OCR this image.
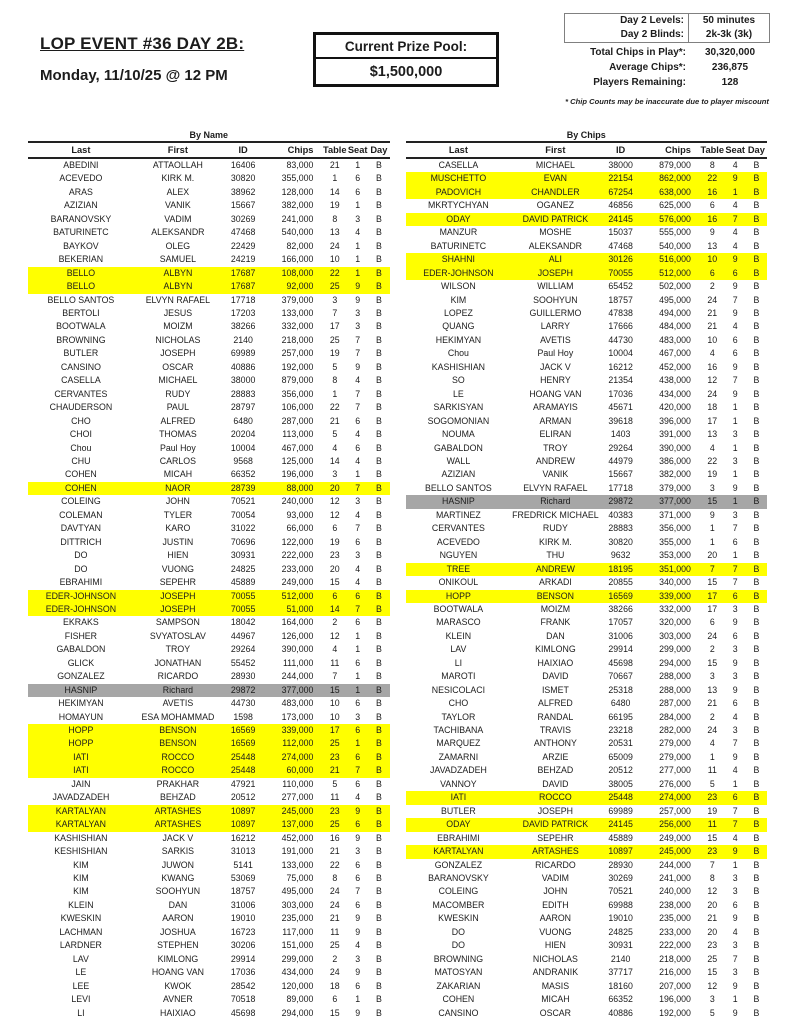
LOP EVENT #36 DAY 2B:
Monday, 11/10/25 @ 12 PM
Current Prize Pool:
$1,500,000
Day 2 Levels:	50 minutes
Day 2 Blinds:	2k-3k (3k)
Total Chips in Play*:	30,320,000
Average Chips*:	236,875
Players Remaining:	128
* Chip Counts may be inaccurate due to player miscount
By Name
Last	First	ID	Chips	Table	Seat	Day
ABEDINI	ATTAOLLAH	16406	83,000	21	1	B
ACEVEDO	KIRK M.	30820	355,000	1	6	B
ARAS	ALEX	38962	128,000	14	6	B
AZIZIAN	VANIK	15667	382,000	19	1	B
BARANOVSKY	VADIM	30269	241,000	8	3	B
BATURINETC	ALEKSANDR	47468	540,000	13	4	B
BAYKOV	OLEG	22429	82,000	24	1	B
BEKERIAN	SAMUEL	24219	166,000	10	1	B
BELLO	ALBYN	17687	108,000	22	1	B
BELLO	ALBYN	17687	92,000	25	9	B
BELLO SANTOS	ELVYN RAFAEL	17718	379,000	3	9	B
BERTOLI	JESUS	17203	133,000	7	3	B
BOOTWALA	MOIZM	38266	332,000	17	3	B
BROWNING	NICHOLAS	2140	218,000	25	7	B
BUTLER	JOSEPH	69989	257,000	19	7	B
CANSINO	OSCAR	40886	192,000	5	9	B
CASELLA	MICHAEL	38000	879,000	8	4	B
CERVANTES	RUDY	28883	356,000	1	7	B
CHAUDERSON	PAUL	28797	106,000	22	7	B
CHO	ALFRED	6480	287,000	21	6	B
CHOI	THOMAS	20204	113,000	5	4	B
Chou	Paul Hoy	10004	467,000	4	6	B
CHU	CARLOS	9568	125,000	14	4	B
COHEN	MICAH	66352	196,000	3	1	B
COHEN	NAOR	28739	88,000	20	7	B
COLEING	JOHN	70521	240,000	12	3	B
COLEMAN	TYLER	70054	93,000	12	4	B
DAVTYAN	KARO	31022	66,000	6	7	B
DITTRICH	JUSTIN	70696	122,000	19	6	B
DO	HIEN	30931	222,000	23	3	B
DO	VUONG	24825	233,000	20	4	B
EBRAHIMI	SEPEHR	45889	249,000	15	4	B
EDER-JOHNSON	JOSEPH	70055	512,000	6	6	B
EDER-JOHNSON	JOSEPH	70055	51,000	14	7	B
EKRAKS	SAMPSON	18042	164,000	2	6	B
FISHER	SVYATOSLAV	44967	126,000	12	1	B
GABALDON	TROY	29264	390,000	4	1	B
GLICK	JONATHAN	55452	111,000	11	6	B
GONZALEZ	RICARDO	28930	244,000	7	1	B
HASNIP	Richard	29872	377,000	15	1	B
HEKIMYAN	AVETIS	44730	483,000	10	6	B
HOMAYUN	ESA MOHAMMAD	1598	173,000	10	3	B
HOPP	BENSON	16569	339,000	17	6	B
HOPP	BENSON	16569	112,000	25	1	B
IATI	ROCCO	25448	274,000	23	6	B
IATI	ROCCO	25448	60,000	21	7	B
JAIN	PRAKHAR	47921	110,000	5	6	B
JAVADZADEH	BEHZAD	20512	277,000	11	4	B
KARTALYAN	ARTASHES	10897	245,000	23	9	B
KARTALYAN	ARTASHES	10897	137,000	25	6	B
KASHISHIAN	JACK V	16212	452,000	16	9	B
KESHISHIAN	SARKIS	31013	191,000	21	3	B
KIM	JUWON	5141	133,000	22	6	B
KIM	KWANG	53069	75,000	8	6	B
KIM	SOOHYUN	18757	495,000	24	7	B
KLEIN	DAN	31006	303,000	24	6	B
KWESKIN	AARON	19010	235,000	21	9	B
LACHMAN	JOSHUA	16723	117,000	11	9	B
LARDNER	STEPHEN	30206	151,000	25	4	B
LAV	KIMLONG	29914	299,000	2	3	B
LE	HOANG VAN	17036	434,000	24	9	B
LEE	KWOK	28542	120,000	18	6	B
LEVI	AVNER	70518	89,000	6	1	B
LI	HAIXIAO	45698	294,000	15	9	B
By Chips
Last	First	ID	Chips	Table	Seat	Day
CASELLA	MICHAEL	38000	879,000	8	4	B
MUSCHETTO	EVAN	22154	862,000	22	9	B
PADOVICH	CHANDLER	67254	638,000	16	1	B
MKRTYCHYAN	OGANEZ	46856	625,000	6	4	B
ODAY	DAVID PATRICK	24145	576,000	16	7	B
MANZUR	MOSHE	15037	555,000	9	4	B
BATURINETC	ALEKSANDR	47468	540,000	13	4	B
SHAHNI	ALI	30126	516,000	10	9	B
EDER-JOHNSON	JOSEPH	70055	512,000	6	6	B
WILSON	WILLIAM	65452	502,000	2	9	B
KIM	SOOHYUN	18757	495,000	24	7	B
LOPEZ	GUILLERMO	47838	494,000	21	9	B
QUANG	LARRY	17666	484,000	21	4	B
HEKIMYAN	AVETIS	44730	483,000	10	6	B
Chou	Paul Hoy	10004	467,000	4	6	B
KASHISHIAN	JACK V	16212	452,000	16	9	B
SO	HENRY	21354	438,000	12	7	B
LE	HOANG VAN	17036	434,000	24	9	B
SARKISYAN	ARAMAYIS	45671	420,000	18	1	B
SOGOMONIAN	ARMAN	39618	396,000	17	1	B
NOUMA	ELIRAN	1403	391,000	13	3	B
GABALDON	TROY	29264	390,000	4	1	B
WALL	ANDREW	44979	386,000	22	3	B
AZIZIAN	VANIK	15667	382,000	19	1	B
BELLO SANTOS	ELVYN RAFAEL	17718	379,000	3	9	B
HASNIP	Richard	29872	377,000	15	1	B
MARTINEZ	FREDRICK MICHAEL	40383	371,000	9	3	B
CERVANTES	RUDY	28883	356,000	1	7	B
ACEVEDO	KIRK M.	30820	355,000	1	6	B
NGUYEN	THU	9632	353,000	20	1	B
TREE	ANDREW	18195	351,000	7	7	B
ONIKOUL	ARKADI	20855	340,000	15	7	B
HOPP	BENSON	16569	339,000	17	6	B
BOOTWALA	MOIZM	38266	332,000	17	3	B
MARASCO	FRANK	17057	320,000	6	9	B
KLEIN	DAN	31006	303,000	24	6	B
LAV	KIMLONG	29914	299,000	2	3	B
LI	HAIXIAO	45698	294,000	15	9	B
MAROTI	DAVID	70667	288,000	3	3	B
NESICOLACI	ISMET	25318	288,000	13	9	B
CHO	ALFRED	6480	287,000	21	6	B
TAYLOR	RANDAL	66195	284,000	2	4	B
TACHIBANA	TRAVIS	23218	282,000	24	3	B
MARQUEZ	ANTHONY	20531	279,000	4	7	B
ZAMARNI	ARZIE	65009	279,000	1	9	B
JAVADZADEH	BEHZAD	20512	277,000	11	4	B
VANNOY	DAVID	38005	276,000	5	1	B
IATI	ROCCO	25448	274,000	23	6	B
BUTLER	JOSEPH	69989	257,000	19	7	B
ODAY	DAVID PATRICK	24145	256,000	11	7	B
EBRAHIMI	SEPEHR	45889	249,000	15	4	B
KARTALYAN	ARTASHES	10897	245,000	23	9	B
GONZALEZ	RICARDO	28930	244,000	7	1	B
BARANOVSKY	VADIM	30269	241,000	8	3	B
COLEING	JOHN	70521	240,000	12	3	B
MACOMBER	EDITH	69988	238,000	20	6	B
KWESKIN	AARON	19010	235,000	21	9	B
DO	VUONG	24825	233,000	20	4	B
DO	HIEN	30931	222,000	23	3	B
BROWNING	NICHOLAS	2140	218,000	25	7	B
MATOSYAN	ANDRANIK	37717	216,000	15	3	B
ZAKARIAN	MASIS	18160	207,000	12	9	B
COHEN	MICAH	66352	196,000	3	1	B
CANSINO	OSCAR	40886	192,000	5	9	B
